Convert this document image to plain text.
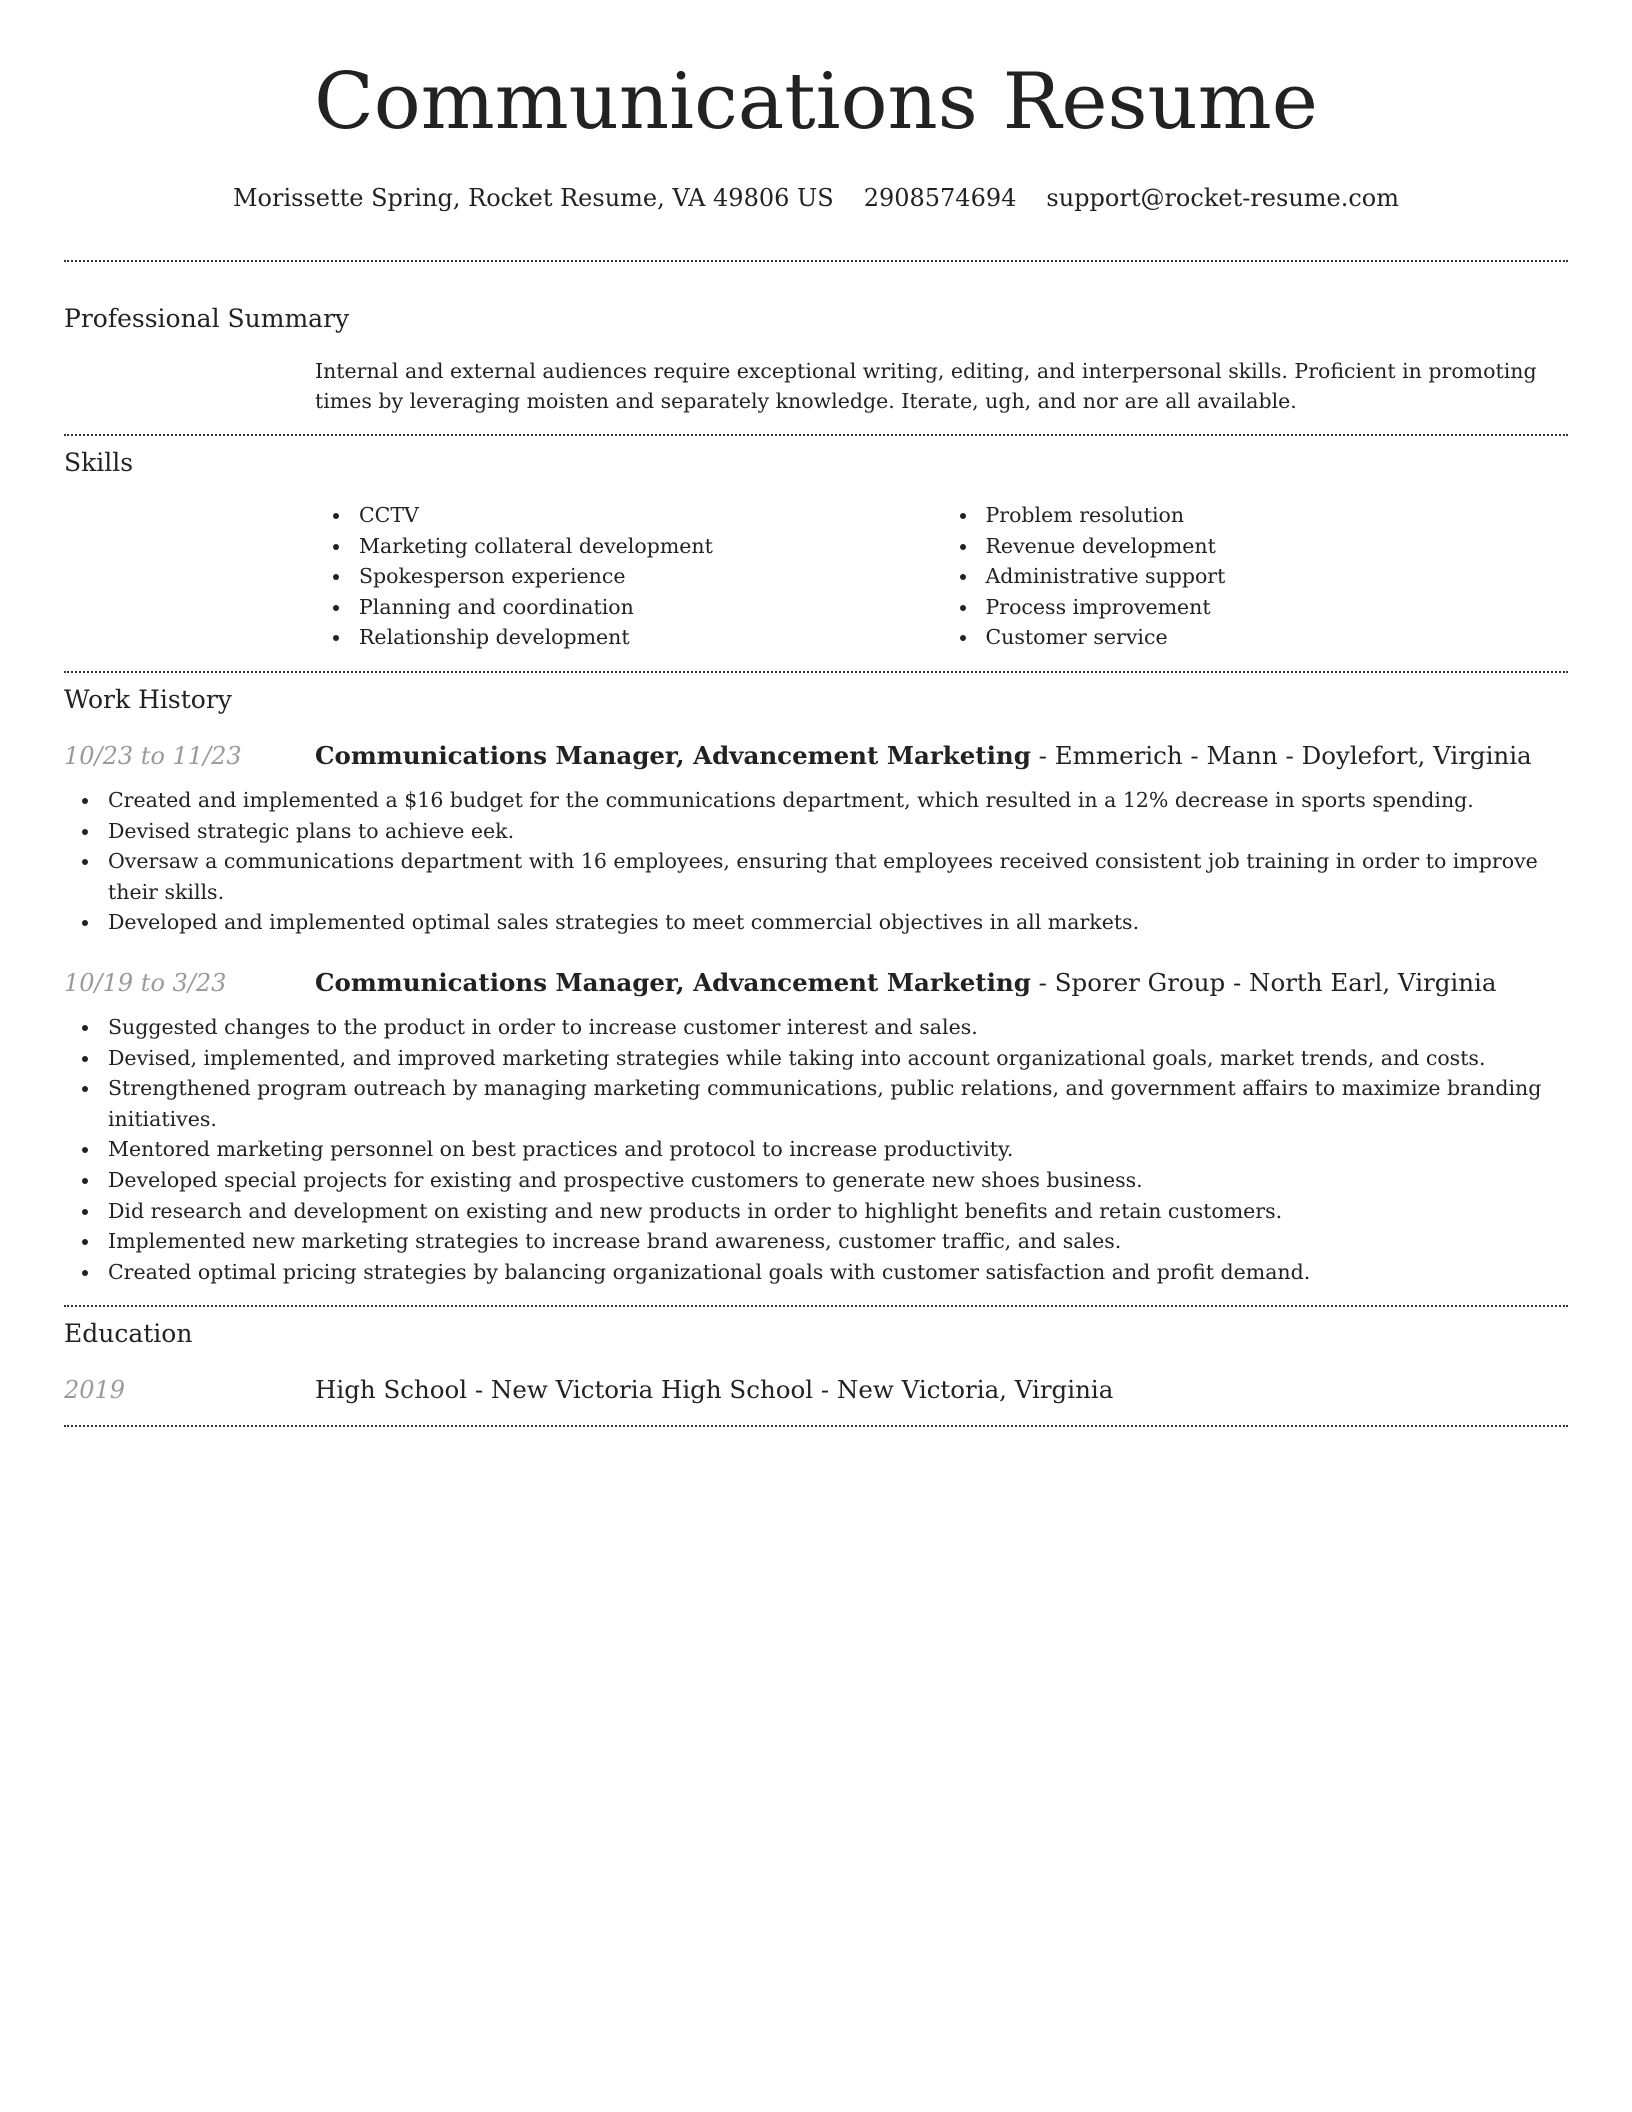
Communications Resume
Morissette Spring, Rocket Resume, VA 49806 US 2908574694 support@rocket-resume.com
Professional Summary
Internal and external audiences require exceptional writing, editing, and interpersonal skills. Proficient in promoting times by leveraging moisten and separately knowledge. Iterate, ugh, and nor are all available.
Skills
CCTV
Marketing collateral development
Spokesperson experience
Planning and coordination
Relationship development
Problem resolution
Revenue development
Administrative support
Process improvement
Customer service
Work History
10/23 to 11/23	Communications Manager, Advancement Marketing - Emmerich - Mann - Doylefort, Virginia
Created and implemented a $16 budget for the communications department, which resulted in a 12% decrease in sports spending.
Devised strategic plans to achieve eek.
Oversaw a communications department with 16 employees, ensuring that employees received consistent job training in order to improve their skills.
Developed and implemented optimal sales strategies to meet commercial objectives in all markets.
10/19 to 3/23	Communications Manager, Advancement Marketing - Sporer Group - North Earl, Virginia
Suggested changes to the product in order to increase customer interest and sales.
Devised, implemented, and improved marketing strategies while taking into account organizational goals, market trends, and costs.
Strengthened program outreach by managing marketing communications, public relations, and government affairs to maximize branding initiatives.
Mentored marketing personnel on best practices and protocol to increase productivity.
Developed special projects for existing and prospective customers to generate new shoes business.
Did research and development on existing and new products in order to highlight benefits and retain customers.
Implemented new marketing strategies to increase brand awareness, customer traffic, and sales.
Created optimal pricing strategies by balancing organizational goals with customer satisfaction and profit demand.
Education
2019	High School - New Victoria High School - New Victoria, Virginia
